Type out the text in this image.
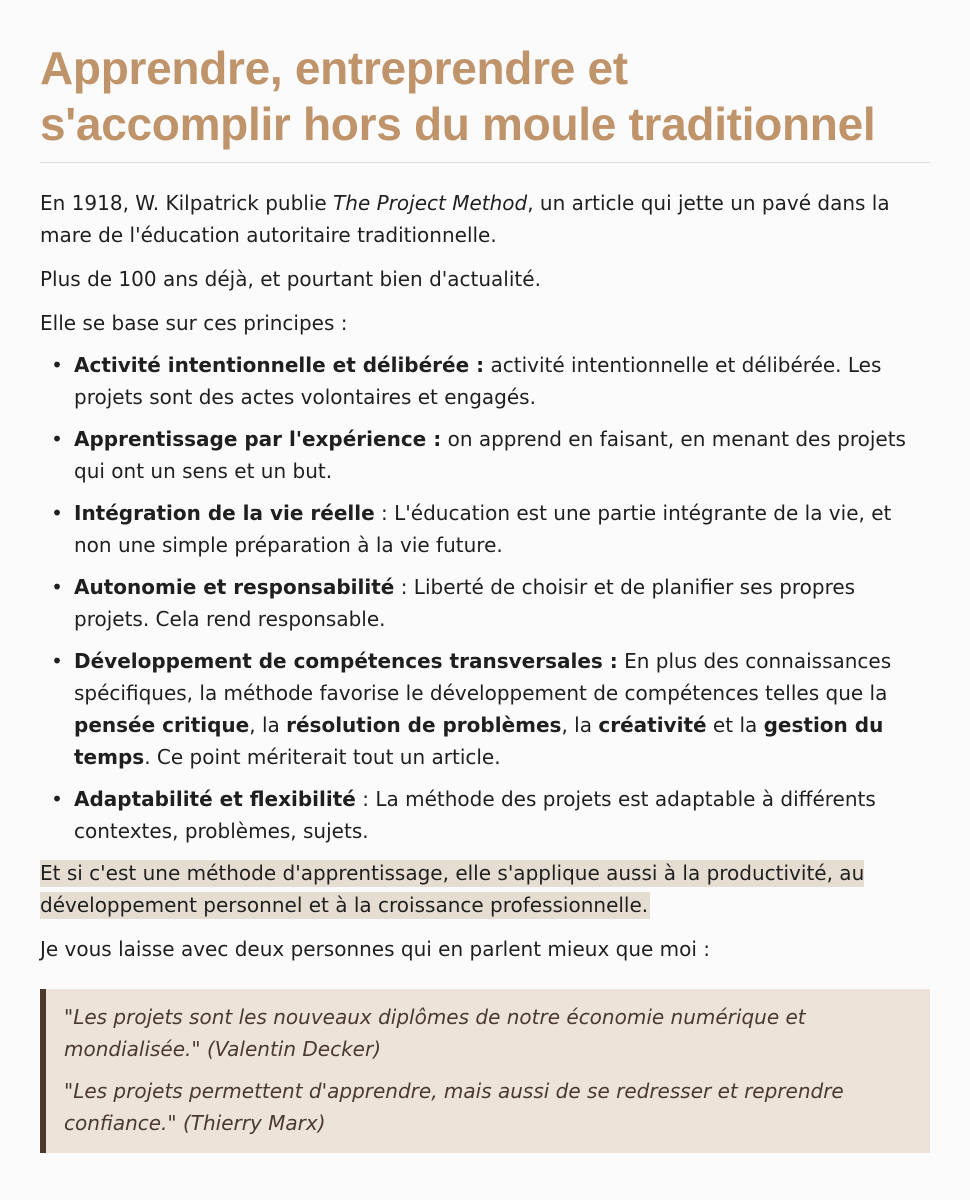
Apprendre, entreprendre et
s'accomplir hors du moule traditionnel

En 1918, W. Kilpatrick publie The Project Method, un article qui jette un pavé dans la mare de l'éducation autoritaire traditionnelle.

Plus de 100 ans déjà, et pourtant bien d'actualité.

Elle se base sur ces principes :

• Activité intentionnelle et délibérée : activité intentionnelle et délibérée. Les projets sont des actes volontaires et engagés.
• Apprentissage par l'expérience : on apprend en faisant, en menant des projets qui ont un sens et un but.
• Intégration de la vie réelle : L'éducation est une partie intégrante de la vie, et non une simple préparation à la vie future.
• Autonomie et responsabilité : Liberté de choisir et de planifier ses propres projets. Cela rend responsable.
• Développement de compétences transversales : En plus des connaissances spécifiques, la méthode favorise le développement de compétences telles que la pensée critique, la résolution de problèmes, la créativité et la gestion du temps. Ce point mériterait tout un article.
• Adaptabilité et flexibilité : La méthode des projets est adaptable à différents contextes, problèmes, sujets.

Et si c'est une méthode d'apprentissage, elle s'applique aussi à la productivité, au développement personnel et à la croissance professionnelle.

Je vous laisse avec deux personnes qui en parlent mieux que moi :

"Les projets sont les nouveaux diplômes de notre économie numérique et mondialisée." (Valentin Decker)

"Les projets permettent d'apprendre, mais aussi de se redresser et reprendre confiance." (Thierry Marx)
